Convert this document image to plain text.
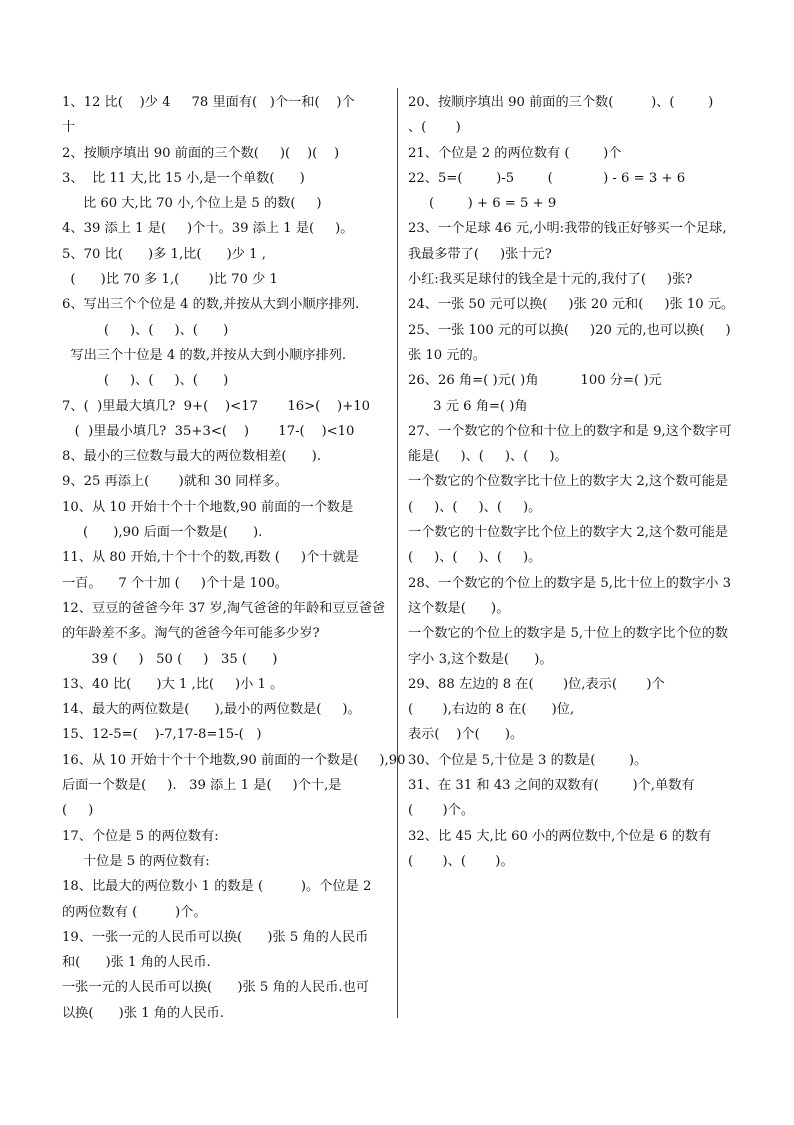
1、12 比(    )少 4     78 里面有(   )个一和(    )个
十
2、按顺序填出 90 前面的三个数(     )(    )(    )
3、  比 11 大,比 15 小,是一个单数(      )
比 60 大,比 70 小,个位上是 5 的数(     )
4、39 添上 1 是(     )个十。39 添上 1 是(     )。
5、70 比(      )多 1,比(      )少 1 ,
(      )比 70 多 1,(       )比 70 少 1
6、写出三个个位是 4 的数,并按从大到小顺序排列.
(     )、(     )、(      )
写出三个十位是 4 的数,并按从大到小顺序排列.
(     )、(     )、(      )
7、(  )里最大填几?  9+(    )<17       16>(    )+10
(  )里最小填几?  35+3<(    )       17-(    )<10
8、最小的三位数与最大的两位数相差(      ).
9、25 再添上(       )就和 30 同样多。
10、从 10 开始十个十个地数,90 前面的一个数是
(      ),90 后面一个数是(      ).
11、从 80 开始,十个十个的数,再数 (     )个十就是
一百。    7 个十加 (     )个十是 100。
12、豆豆的爸爸今年 37 岁,淘气爸爸的年龄和豆豆爸爸
的年龄差不多。淘气的爸爸今年可能多少岁?
39 (     )   50 (     )   35 (      )
13、40 比(      )大 1 ,比(     )小 1 。
14、最大的两位数是(      ),最小的两位数是(     )。
15、12-5=(    )-7,17-8=15-(   )
16、从 10 开始十个十个地数,90 前面的一个数是(     ),90
后面一个数是(     ).   39 添上 1 是(     )个十,是
(     )
17、个位是 5 的两位数有:
十位是 5 的两位数有:
18、比最大的两位数小 1 的数是 (         )。个位是 2
的两位数有 (         )个。
19、一张一元的人民币可以换(      )张 5 角的人民币
和(      )张 1 角的人民币.
一张一元的人民币可以换(      )张 5 角的人民币.也可
以换(      )张 1 角的人民币.
20、按顺序填出 90 前面的三个数(         )、(        )
、(       )
21、个位是 2 的两位数有 (        )个
22、5=(        )-5        (            ) - 6 = 3 + 6
(        ) + 6 = 5 + 9
23、一个足球 46 元,小明:我带的钱正好够买一个足球,
我最多带了(     )张十元?
小红:我买足球付的钱全是十元的,我付了(     )张?
24、一张 50 元可以换(     )张 20 元和(     )张 10 元。
25、一张 100 元的可以换(     )20 元的,也可以换(     )
张 10 元的。
26、26 角=( )元( )角          100 分=( )元
3 元 6 角=( )角
27、一个数它的个位和十位上的数字和是 9,这个数字可
能是(     )、(     )、(     )。
一个数它的个位数字比十位上的数字大 2,这个数可能是
(     )、(     )、(     )。
一个数它的十位数字比个位上的数字大 2,这个数可能是
(     )、(     )、(     )。
28、一个数它的个位上的数字是 5,比十位上的数字小 3
这个数是(      )。
一个数它的个位上的数字是 5,十位上的数字比个位的数
字小 3,这个数是(      )。
29、88 左边的 8 在(       )位,表示(       )个
(       ),右边的 8 在(      )位,
表示(    )个(      )。
30、个位是 5,十位是 3 的数是(        )。
31、在 31 和 43 之间的双数有(        )个,单数有
(       )个。
32、比 45 大,比 60 小的两位数中,个位是 6 的数有
(       )、(       )。
